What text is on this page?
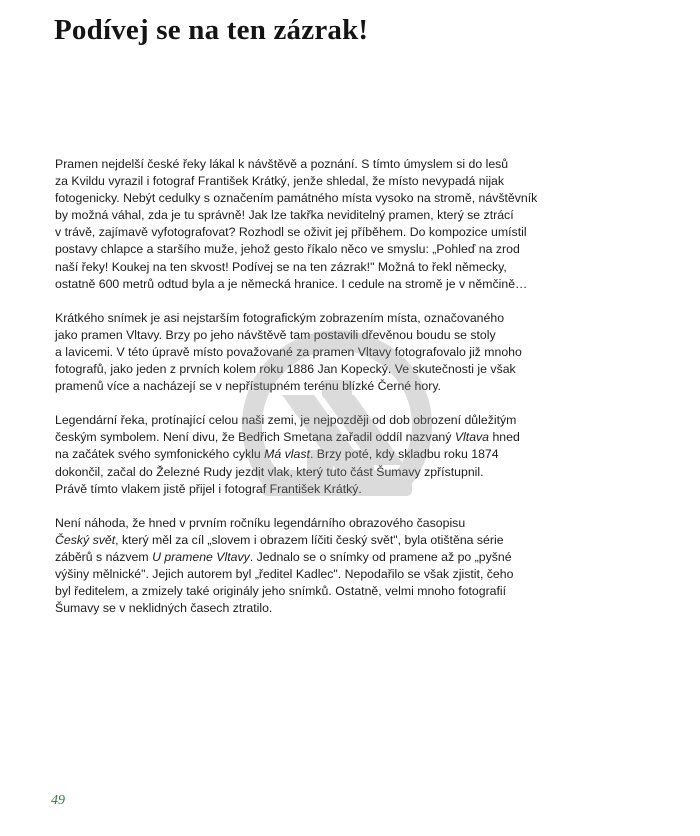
Podívej se na ten zázrak!

Pramen nejdelší české řeky lákal k návštěvě a poznání. S tímto úmyslem si do lesů
za Kvildu vyrazil i fotograf František Krátký, jenže shledal, že místo nevypadá nijak
fotogenicky. Nebýt cedulky s označením památného místa vysoko na stromě, návštěvník
by možná váhal, zda je tu správně! Jak lze takřka neviditelný pramen, který se ztrácí
v trávě, zajímavě vyfotografovat? Rozhodl se oživit jej příběhem. Do kompozice umístil
postavy chlapce a staršího muže, jehož gesto říkalo něco ve smyslu: „Pohleď na zrod
naší řeky! Koukej na ten skvost! Podívej se na ten zázrak!" Možná to řekl německy,
ostatně 600 metrů odtud byla a je německá hranice. I cedule na stromě je v němčině…

Krátkého snímek je asi nejstarším fotografickým zobrazením místa, označovaného
jako pramen Vltavy. Brzy po jeho návštěvě tam postavili dřevěnou boudu se stoly
a lavicemi. V této úpravě místo považované za pramen Vltavy fotografovalo již mnoho
fotografů, jako jeden z prvních kolem roku 1886 Jan Kopecký. Ve skutečnosti je však
pramenů více a nacházejí se v nepřístupném terénu blízké Černé hory.

Legendární řeka, protínající celou naši zemi, je nejpozději od dob obrození důležitým
českým symbolem. Není divu, že Bedřich Smetana zařadil oddíl nazvaný Vltava hned
na začátek svého symfonického cyklu Má vlast. Brzy poté, kdy skladbu roku 1874
dokončil, začal do Železné Rudy jezdit vlak, který tuto část Šumavy zpřístupnil.
Právě tímto vlakem jistě přijel i fotograf František Krátký.

Není náhoda, že hned v prvním ročníku legendárního obrazového časopisu
Český svět, který měl za cíl „slovem i obrazem líčiti český svět", byla otištěna série
záběrů s názvem U pramene Vltavy. Jednalo se o snímky od pramene až po „pyšné
výšiny mělnické". Jejich autorem byl „ředitel Kadlec". Nepodařilo se však zjistit, čeho
byl ředitelem, a zmizely také originály jeho snímků. Ostatně, velmi mnoho fotografií
Šumavy se v neklidných časech ztratilo.

49
